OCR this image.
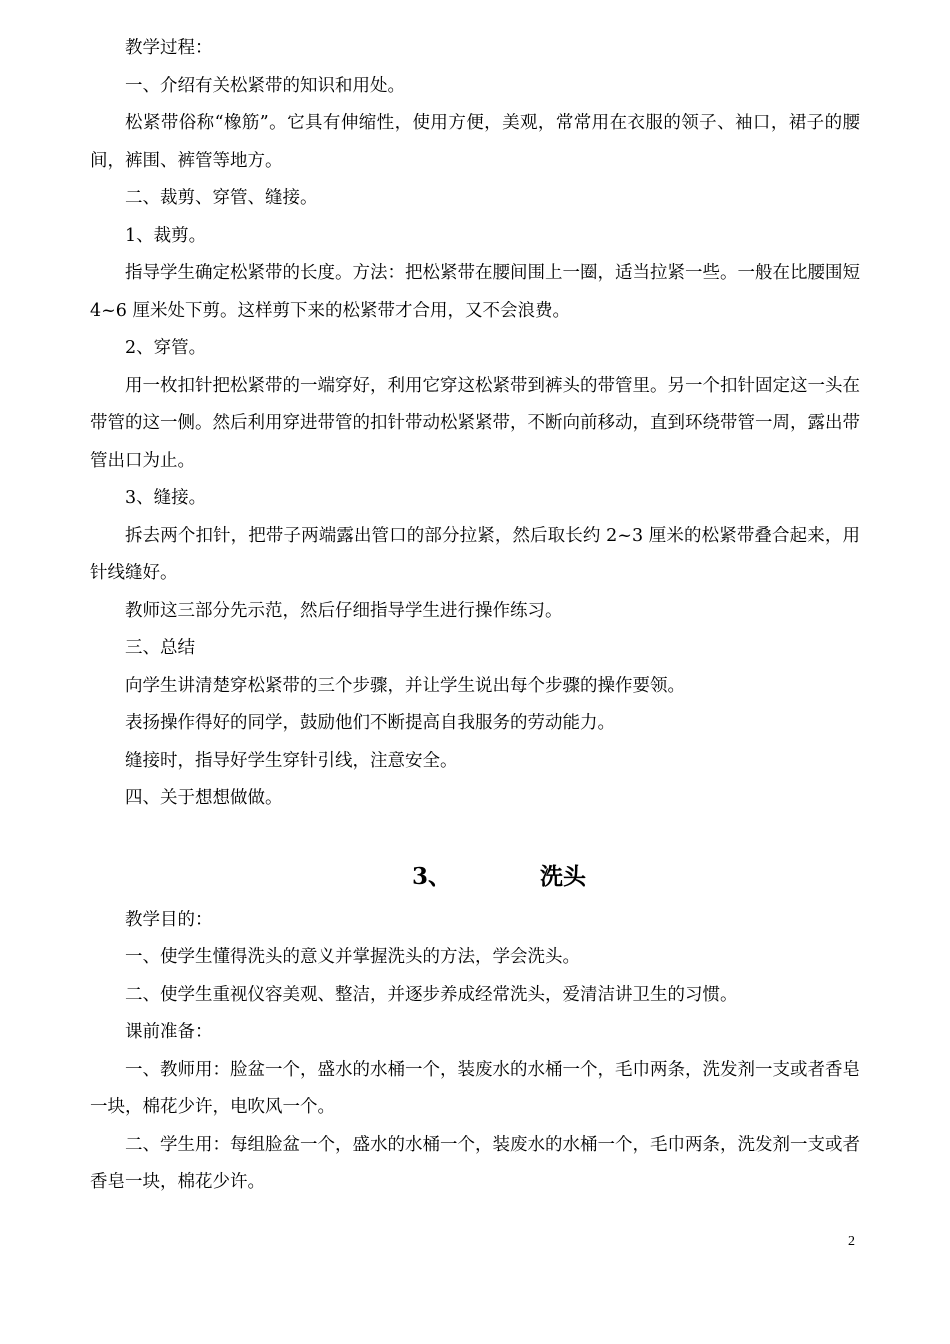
教学过程：

一、介绍有关松紧带的知识和用处。

松紧带俗称“橡筋”。它具有伸缩性，使用方便，美观，常常用在衣服的领子、袖口，裙子的腰间，裤围、裤管等地方。

二、裁剪、穿管、缝接。

1、裁剪。

指导学生确定松紧带的长度。方法：把松紧带在腰间围上一圈，适当拉紧一些。一般在比腰围短 4~6 厘米处下剪。这样剪下来的松紧带才合用，又不会浪费。

2、穿管。

用一枚扣针把松紧带的一端穿好，利用它穿这松紧带到裤头的带管里。另一个扣针固定这一头在带管的这一侧。然后利用穿进带管的扣针带动松紧紧带，不断向前移动，直到环绕带管一周，露出带管出口为止。

3、缝接。

拆去两个扣针，把带子两端露出管口的部分拉紧，然后取长约 2~3 厘米的松紧带叠合起来，用针线缝好。

教师这三部分先示范，然后仔细指导学生进行操作练习。

三、总结

向学生讲清楚穿松紧带的三个步骤，并让学生说出每个步骤的操作要领。

表扬操作得好的同学，鼓励他们不断提高自我服务的劳动能力。

缝接时，指导好学生穿针引线，注意安全。

四、关于想想做做。

3、	洗头

教学目的：

一、使学生懂得洗头的意义并掌握洗头的方法，学会洗头。

二、使学生重视仪容美观、整洁，并逐步养成经常洗头，爱清洁讲卫生的习惯。

课前准备：

一、教师用：脸盆一个，盛水的水桶一个，装废水的水桶一个，毛巾两条，洗发剂一支或者香皂一块，棉花少许，电吹风一个。

二、学生用：每组脸盆一个，盛水的水桶一个，装废水的水桶一个，毛巾两条，洗发剂一支或者香皂一块，棉花少许。

2
